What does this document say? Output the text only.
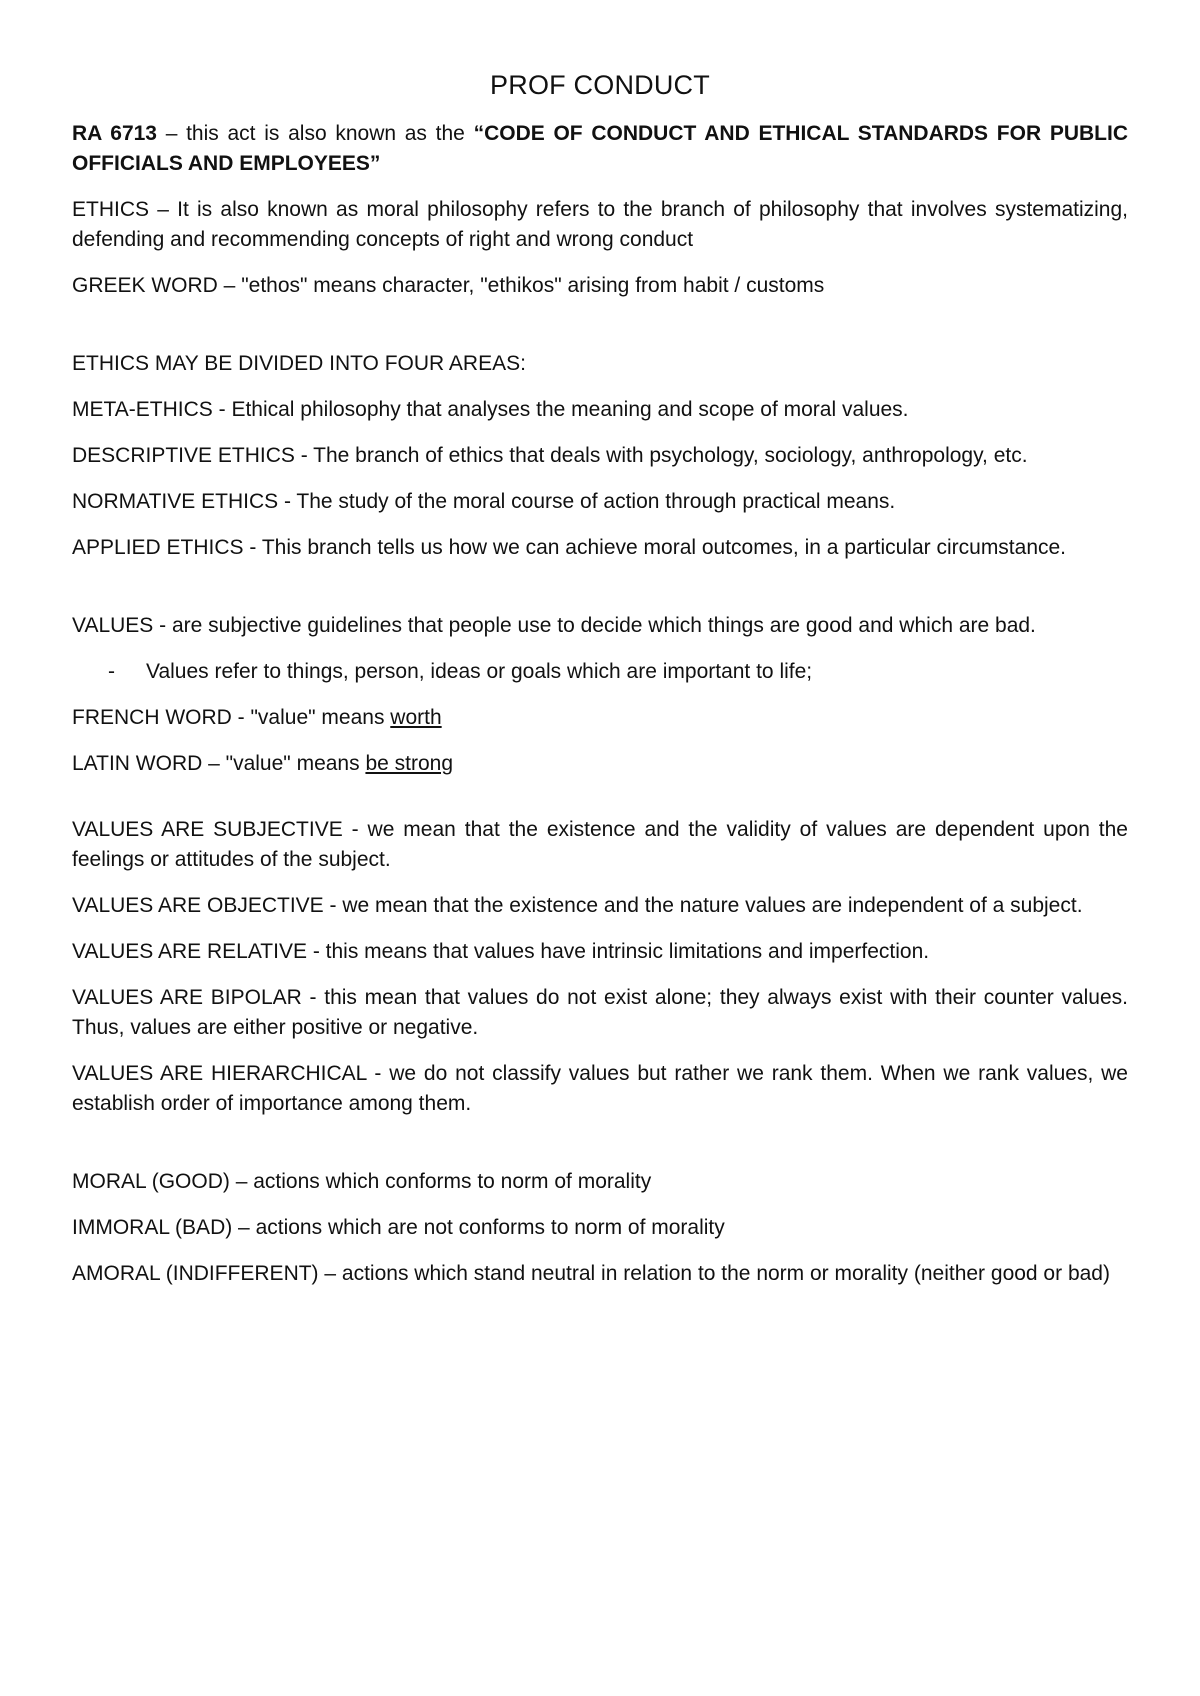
PROF CONDUCT

RA 6713 – this act is also known as the “CODE OF CONDUCT AND ETHICAL STANDARDS FOR PUBLIC OFFICIALS AND EMPLOYEES”

ETHICS – It is also known as moral philosophy refers to the branch of philosophy that involves systematizing, defending and recommending concepts of right and wrong conduct

GREEK WORD – "ethos" means character, "ethikos" arising from habit / customs

ETHICS MAY BE DIVIDED INTO FOUR AREAS:

META-ETHICS - Ethical philosophy that analyses the meaning and scope of moral values.

DESCRIPTIVE ETHICS - The branch of ethics that deals with psychology, sociology, anthropology, etc.

NORMATIVE ETHICS - The study of the moral course of action through practical means.

APPLIED ETHICS - This branch tells us how we can achieve moral outcomes, in a particular circumstance.

VALUES - are subjective guidelines that people use to decide which things are good and which are bad.

-	Values refer to things, person, ideas or goals which are important to life;

FRENCH WORD - "value" means worth

LATIN WORD – "value" means be strong

VALUES ARE SUBJECTIVE - we mean that the existence and the validity of values are dependent upon the feelings or attitudes of the subject.

VALUES ARE OBJECTIVE - we mean that the existence and the nature values are independent of a subject.

VALUES ARE RELATIVE - this means that values have intrinsic limitations and imperfection.

VALUES ARE BIPOLAR - this mean that values do not exist alone; they always exist with their counter values. Thus, values are either positive or negative.

VALUES ARE HIERARCHICAL - we do not classify values but rather we rank them. When we rank values, we establish order of importance among them.

MORAL (GOOD) – actions which conforms to norm of morality

IMMORAL (BAD) – actions which are not conforms to norm of morality

AMORAL (INDIFFERENT) – actions which stand neutral in relation to the norm or morality (neither good or bad)
